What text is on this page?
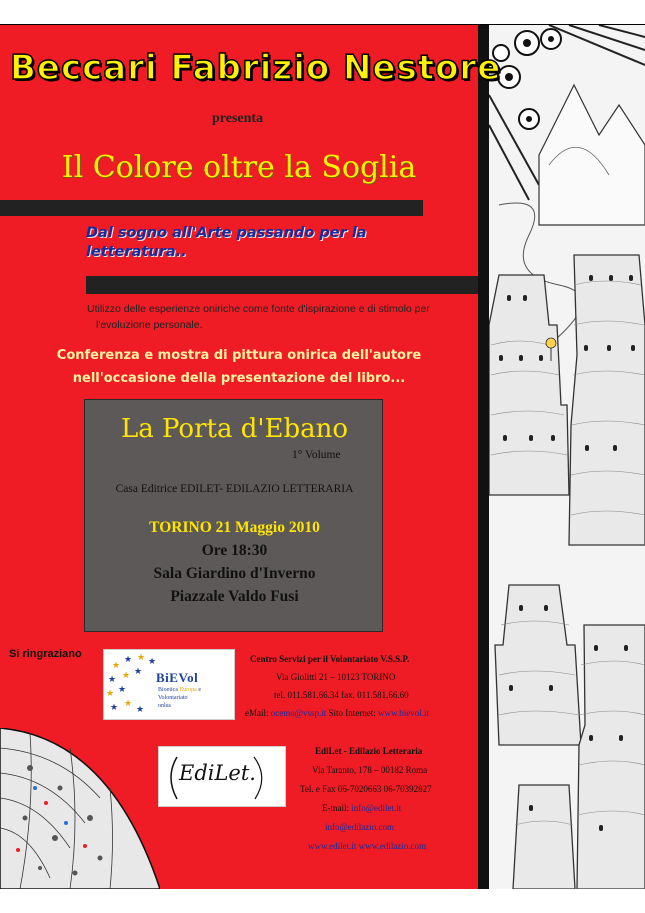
Beccari Fabrizio Nestore
presenta
Il Colore oltre la Soglia
Dal sogno all'Arte passando per la
letteratura..
Utilizzo delle esperienze oniriche come fonte d'ispirazione e di stimolo per
l'evoluzione personale.
Conferenza e mostra di pittura onirica dell'autore
nell'occasione della presentazione del libro...
La Porta d'Ebano
1° Volume
Casa Editrice EDILET- EDILAZIO LETTERARIA
TORINO 21 Maggio 2010
Ore 18:30
Sala Giardino d'Inverno
Piazzale Valdo Fusi
Si ringraziano
★
★ ★ ★
★ ★ ★
★ ★
★ ★
★
BiEVol
Bioetica Europa e
Volontariato
onlus
Centro Servizi per il Volontariato V.S.S.P.
Via Giolitti 21 – 10123 TORINO
tel. 011.581.66.34 fax. 011.581.66.60
eMail: ocemo@vssp.it Sito Internet: www.bievol.it
EdiLet.
EdiLet - Edilazio Letteraria
Via Taranto, 178 – 00182 Roma
Tel. e Fax 06-7020663 06-70392827
E-mail: info@edilet.it
info@edilazio.com
www.edilet.it www.edilazio.com
